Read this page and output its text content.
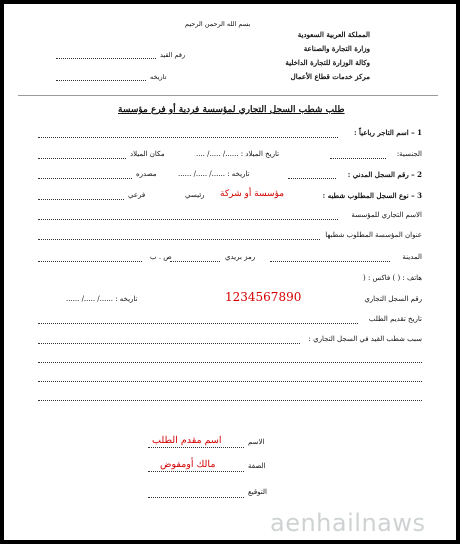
بسم الله الرحمن الرحيم
المملكة العربية السعودية
وزارة التجارة والصناعة
وكالة الوزارة للتجارة الداخلية
مركز خدمات قطاع الأعمال
رقم القيد
تاريخه
طلب شطب السجل التجاري لمؤسسة فردية أو فرع مؤسسة
1 – اسم التاجر رباعياً :
الجنسية:
تاريخ الميلاد : ....../ ...../ ....
مكان الميلاد
2 – رقم السجل المدني :
تاريخه : ....../ ...../ ......
مصدره
3 – نوع السجل المطلوب شطبه :
مؤسسة أو شركة
رئيسي
فرعي
الاسم التجاري للمؤسسة
عنوان المؤسسة المطلوب شطبها
المدينة
رمز بريدي
ص . ب
هاتف : ( ) فاكس : (
رقم السجل التجاري
1234567890
تاريخه : ....../ ...../ ......
تاريخ تقديم الطلب
سبب شطب القيد في السجل التجاري :
الاسم
اسم مقدم الطلب
الصفة
مالك أومفوض
التوقيع
aenhailnaws
